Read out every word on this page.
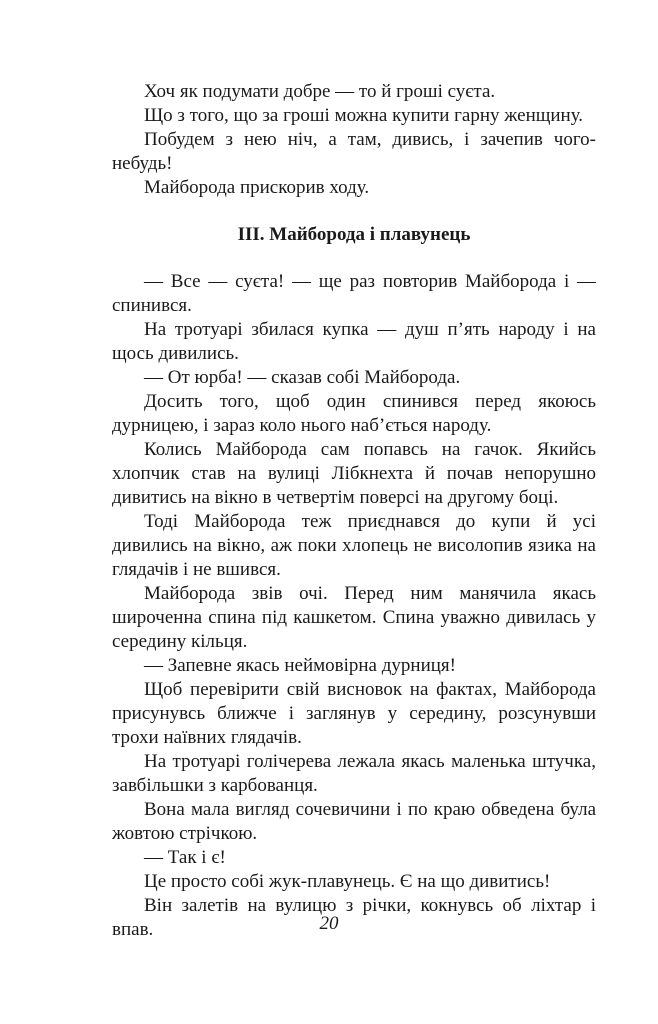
Хоч як подумати добре — то й гроші суєта.

Що з того, що за гроші можна купити гарну женщину.

Побудем з нею ніч, а там, дивись, і зачепив чого-небудь!

Майборода прискорив ходу.

III. Майборода і плавунець

— Все — суєта! — ще раз повторив Майборода і — спинився.

На тротуарі збилася купка — душ п’ять народу і на щось дивились.

— От юрба! — сказав собі Майборода.

Досить того, щоб один спинився перед якоюсь дурницею, і зараз коло нього наб’ється народу.

Колись Майборода сам попавсь на гачок. Якийсь хлопчик став на вулиці Лібкнехта й почав непорушно дивитись на вікно в четвертім поверсі на другому боці.

Тоді Майборода теж приєднався до купи й усі дивились на вікно, аж поки хлопець не висолопив язика на глядачів і не вшився.

Майборода звів очі. Перед ним манячила якась широченна спина під кашкетом. Спина уважно дивилась у середину кільця.

— Запевне якась неймовірна дурниця!

Щоб перевірити свій висновок на фактах, Майборода присунувсь ближче і заглянув у середину, розсунувши трохи наївних глядачів.

На тротуарі голічерева лежала якась маленька штучка, завбільшки з карбованця.

Вона мала вигляд сочевичини і по краю обведена була жовтою стрічкою.

— Так і є!

Це просто собі жук-плавунець. Є на що дивитись!

Він залетів на вулицю з річки, кокнувсь об ліхтар і впав.	20
